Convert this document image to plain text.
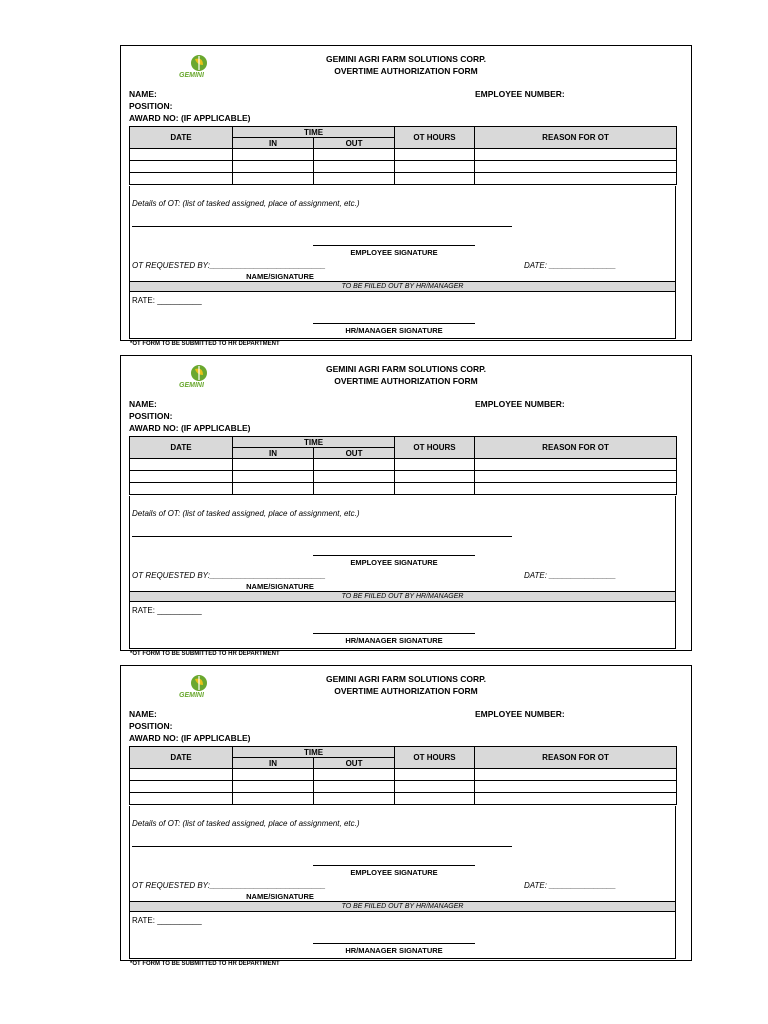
GEMINI
GEMINI AGRI FARM SOLUTIONS CORP.
OVERTIME AUTHORIZATION FORM
NAME:
POSITION:
AWARD NO: (IF APPLICABLE)
EMPLOYEE NUMBER:
DATE	TIME		OT HOURS	REASON FOR OT
	IN	OUT		

Details of OT: (list of tasked assigned, place of assignment, etc.)
EMPLOYEE SIGNATURE
OT REQUESTED BY:__________________________
NAME/SIGNATURE
DATE: _______________
TO BE FIILED OUT BY HR/MANAGER
RATE: __________
HR/MANAGER SIGNATURE
GEMINI
GEMINI AGRI FARM SOLUTIONS CORP.
OVERTIME AUTHORIZATION FORM
NAME:
POSITION:
AWARD NO: (IF APPLICABLE)
EMPLOYEE NUMBER:
DATE	TIME		OT HOURS	REASON FOR OT
	IN	OUT		

Details of OT: (list of tasked assigned, place of assignment, etc.)
EMPLOYEE SIGNATURE
OT REQUESTED BY:__________________________
NAME/SIGNATURE
DATE: _______________
TO BE FIILED OUT BY HR/MANAGER
RATE: __________
HR/MANAGER SIGNATURE
GEMINI
GEMINI AGRI FARM SOLUTIONS CORP.
OVERTIME AUTHORIZATION FORM
NAME:
POSITION:
AWARD NO: (IF APPLICABLE)
EMPLOYEE NUMBER:
DATE	TIME		OT HOURS	REASON FOR OT
	IN	OUT		

Details of OT: (list of tasked assigned, place of assignment, etc.)
EMPLOYEE SIGNATURE
OT REQUESTED BY:__________________________
NAME/SIGNATURE
DATE: _______________
TO BE FIILED OUT BY HR/MANAGER
RATE: __________
HR/MANAGER SIGNATURE
*OT FORM TO BE SUBMITTED TO HR DEPARTMENT
*OT FORM TO BE SUBMITTED TO HR DEPARTMENT
*OT FORM TO BE SUBMITTED TO HR DEPARTMENT
